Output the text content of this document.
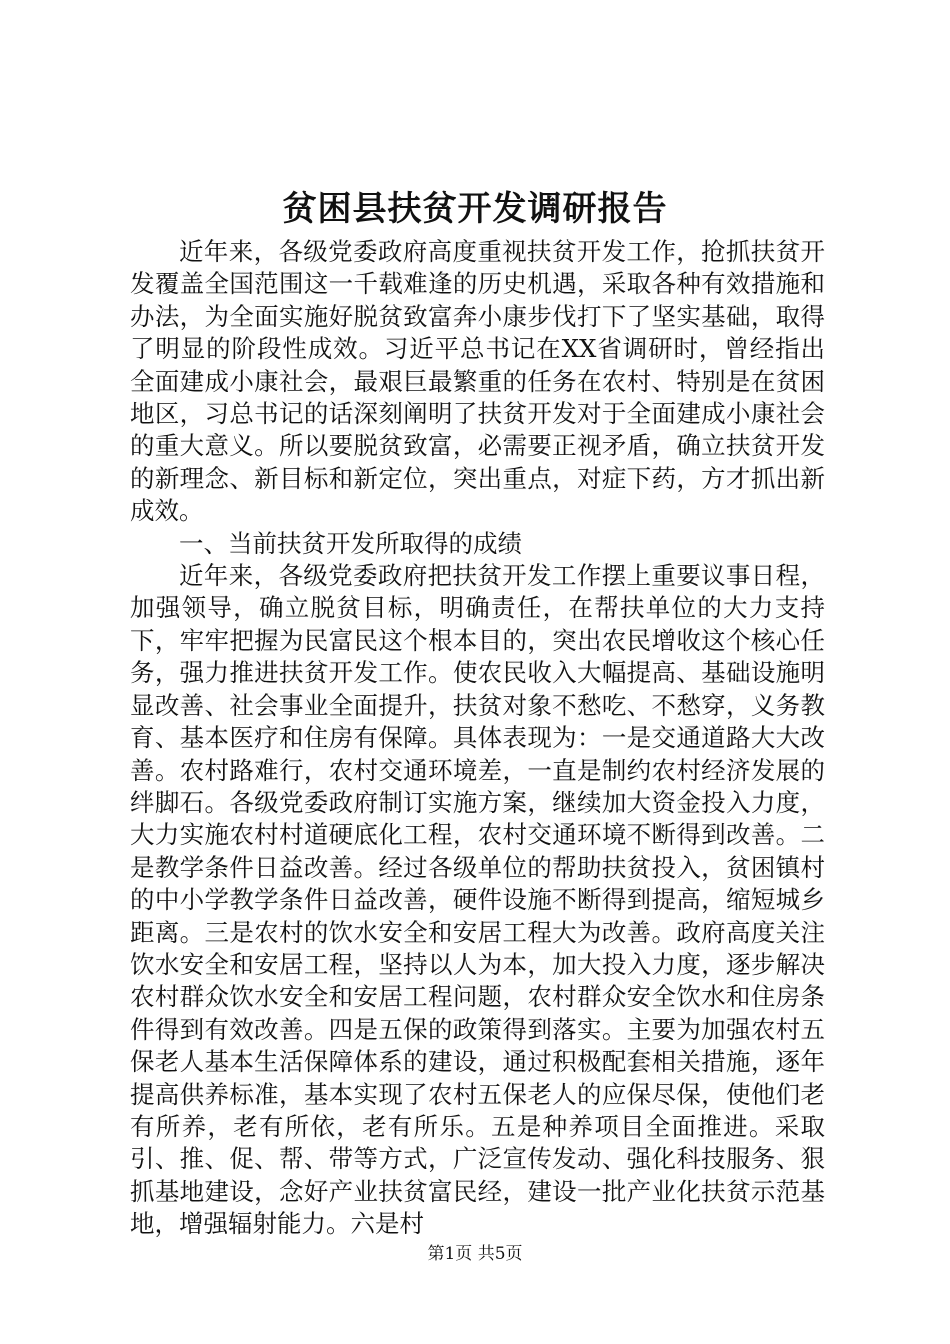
贫困县扶贫开发调研报告

近年来，各级党委政府高度重视扶贫开发工作，抢抓扶贫开发覆盖全国范围这一千载难逢的历史机遇，采取各种有效措施和办法，为全面实施好脱贫致富奔小康步伐打下了坚实基础，取得了明显的阶段性成效。习近平总书记在XX省调研时，曾经指出全面建成小康社会，最艰巨最繁重的任务在农村、特别是在贫困地区，习总书记的话深刻阐明了扶贫开发对于全面建成小康社会的重大意义。所以要脱贫致富，必需要正视矛盾，确立扶贫开发的新理念、新目标和新定位，突出重点，对症下药，方才抓出新成效。

一、当前扶贫开发所取得的成绩

近年来，各级党委政府把扶贫开发工作摆上重要议事日程，加强领导，确立脱贫目标，明确责任，在帮扶单位的大力支持下，牢牢把握为民富民这个根本目的，突出农民增收这个核心任务，强力推进扶贫开发工作。使农民收入大幅提高、基础设施明显改善、社会事业全面提升，扶贫对象不愁吃、不愁穿，义务教育、基本医疗和住房有保障。具体表现为：一是交通道路大大改善。农村路难行，农村交通环境差，一直是制约农村经济发展的绊脚石。各级党委政府制订实施方案，继续加大资金投入力度，大力实施农村村道硬底化工程，农村交通环境不断得到改善。二是教学条件日益改善。经过各级单位的帮助扶贫投入，贫困镇村的中小学教学条件日益改善，硬件设施不断得到提高，缩短城乡距离。三是农村的饮水安全和安居工程大为改善。政府高度关注饮水安全和安居工程，坚持以人为本，加大投入力度，逐步解决农村群众饮水安全和安居工程问题，农村群众安全饮水和住房条件得到有效改善。四是五保的政策得到落实。主要为加强农村五保老人基本生活保障体系的建设，通过积极配套相关措施，逐年提高供养标准，基本实现了农村五保老人的应保尽保，使他们老有所养，老有所依，老有所乐。五是种养项目全面推进。采取引、推、促、帮、带等方式，广泛宣传发动、强化科技服务、狠抓基地建设，念好产业扶贫富民经，建设一批产业化扶贫示范基地，增强辐射能力。六是村

第1页 共5页
